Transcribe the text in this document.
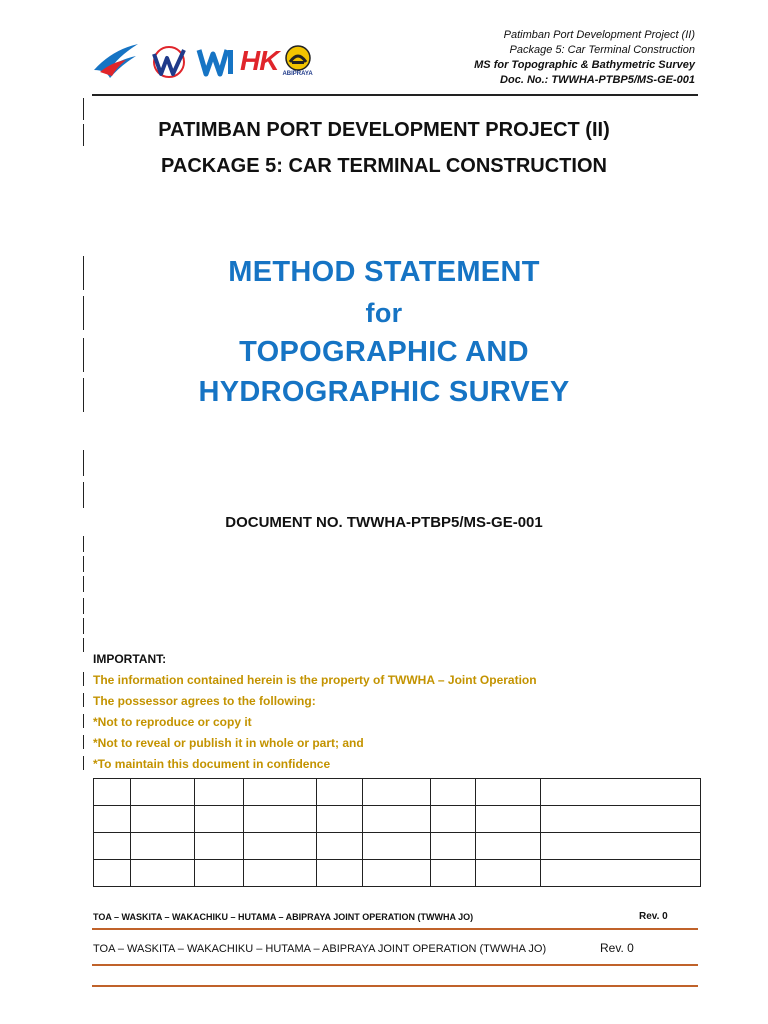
HK ABIPRAYA
Patimban Port Development Project (II)
Package 5: Car Terminal Construction
MS for Topographic & Bathymetric Survey
Doc. No.: TWWHA-PTBP5/MS-GE-001
PATIMBAN PORT DEVELOPMENT PROJECT (II)
PACKAGE 5: CAR TERMINAL CONSTRUCTION
METHOD STATEMENT
for
TOPOGRAPHIC AND
HYDROGRAPHIC SURVEY
DOCUMENT NO. TWWHA-PTBP5/MS-GE-001
IMPORTANT:
The information contained herein is the property of TWWHA – Joint Operation
The possessor agrees to the following:
*Not to reproduce or copy it
*Not to reveal or publish it in whole or part; and
*To maintain this document in confidence

TOA – WASKITA – WAKACHIKU – HUTAMA – ABIPRAYA JOINT OPERATION (TWWHA JO)	Rev. 0
TOA – WASKITA – WAKACHIKU – HUTAMA – ABIPRAYA JOINT OPERATION (TWWHA JO)	Rev. 0
